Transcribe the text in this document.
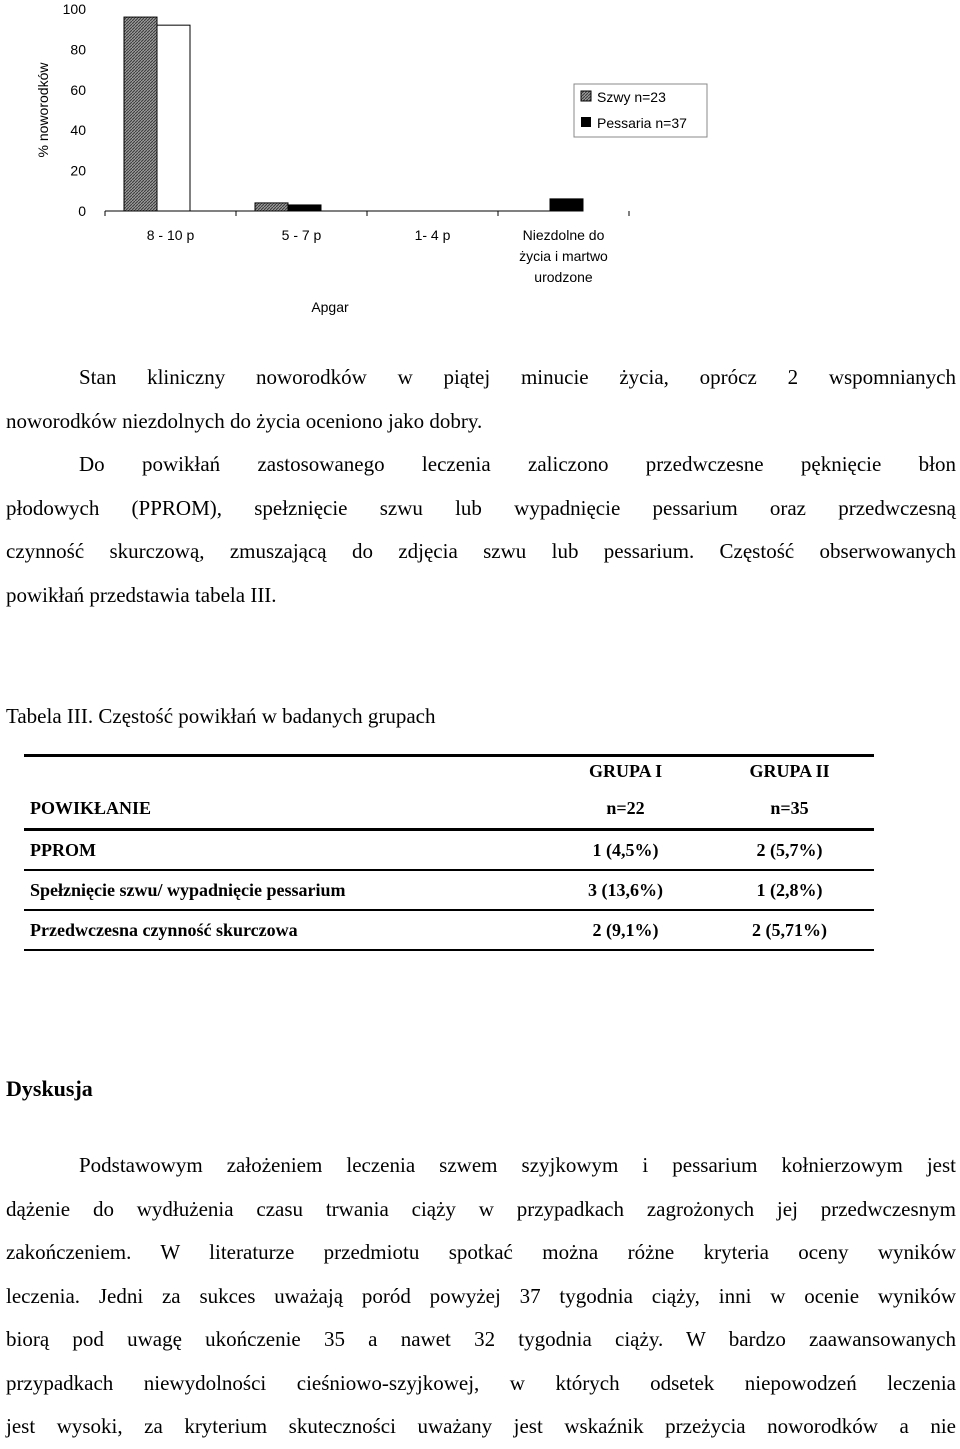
% noworodków
0
20
40
60
80
100
8 - 10 p	5 - 7 p	1- 4 p	Niezdolne do
życia i martwo
urodzone
Apgar
Szwy n=23
Pessaria n=37
Stan kliniczny noworodków w piątej minucie życia, oprócz 2 wspomnianych
noworodków niezdolnych do życia oceniono jako dobry.
Do powikłań zastosowanego leczenia zaliczono przedwczesne pęknięcie błon
płodowych (PPROM), spełznięcie szwu lub wypadnięcie pessarium oraz przedwczesną
czynność skurczową, zmuszającą do zdjęcia szwu lub pessarium. Częstość obserwowanych
powikłań przedstawia tabela III.
Tabela III. Częstość powikłań w badanych grupach
	GRUPA I	GRUPA II
POWIKŁANIE	n=22	n=35
PPROM	1 (4,5%)	2 (5,7%)
Spełznięcie szwu/ wypadnięcie pessarium	3 (13,6%)	1 (2,8%)
Przedwczesna czynność skurczowa	2 (9,1%)	2 (5,71%)
Dyskusja
Podstawowym założeniem leczenia szwem szyjkowym i pessarium kołnierzowym jest
dążenie do wydłużenia czasu trwania ciąży w przypadkach zagrożonych jej przedwczesnym
zakończeniem. W literaturze przedmiotu spotkać można różne kryteria oceny wyników
leczenia. Jedni za sukces uważają poród powyżej 37 tygodnia ciąży, inni w ocenie wyników
biorą pod uwagę ukończenie 35 a nawet 32 tygodnia ciąży. W bardzo zaawansowanych
przypadkach niewydolności cieśniowo-szyjkowej, w których odsetek niepowodzeń leczenia
jest wysoki, za kryterium skuteczności uważany jest wskaźnik przeżycia noworodków a nie
